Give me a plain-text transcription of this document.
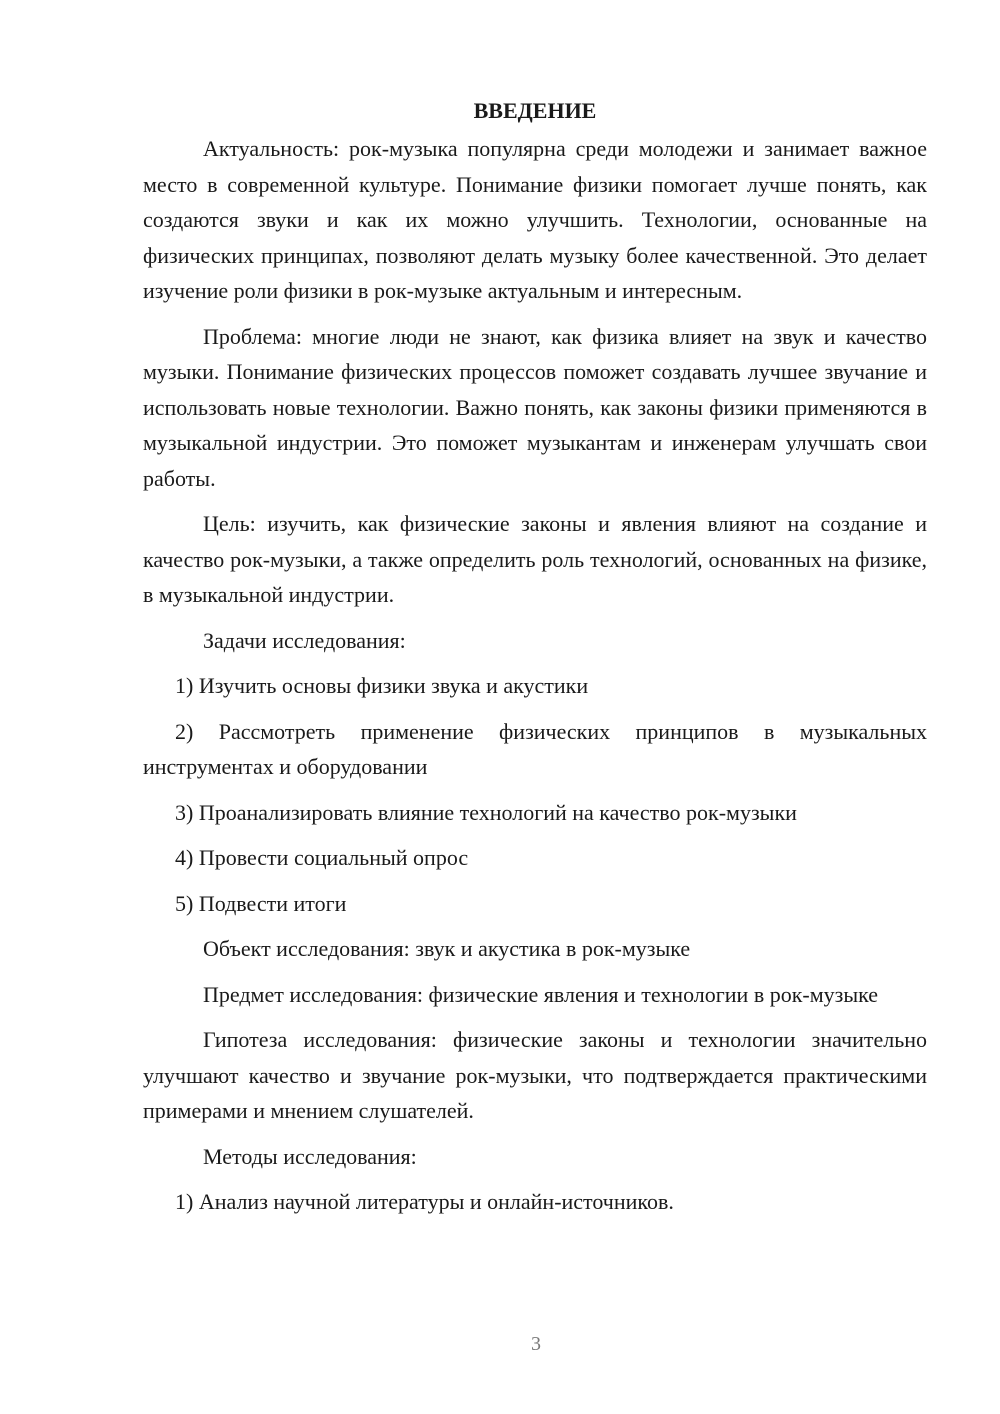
ВВЕДЕНИЕ

Актуальность: рок-музыка популярна среди молодежи и занимает важное место в современной культуре. Понимание физики помогает лучше понять, как создаются звуки и как их можно улучшить. Технологии, основанные на физических принципах, позволяют делать музыку более качественной. Это делает изучение роли физики в рок-музыке актуальным и интересным.

Проблема: многие люди не знают, как физика влияет на звук и качество музыки. Понимание физических процессов поможет создавать лучшее звучание и использовать новые технологии. Важно понять, как законы физики применяются в музыкальной индустрии. Это поможет музыкантам и инженерам улучшать свои работы.

Цель: изучить, как физические законы и явления влияют на создание и качество рок-музыки, а также определить роль технологий, основанных на физике, в музыкальной индустрии.

Задачи исследования:

1) Изучить основы физики звука и акустики

2) Рассмотреть применение физических принципов в музыкальных инструментах и оборудовании

3) Проанализировать влияние технологий на качество рок-музыки

4) Провести социальный опрос

5) Подвести итоги

Объект исследования: звук и акустика в рок-музыке

Предмет исследования: физические явления и технологии в рок-музыке

Гипотеза исследования: физические законы и технологии значительно улучшают качество и звучание рок-музыки, что подтверждается практическими примерами и мнением слушателей.

Методы исследования:

1) Анализ научной литературы и онлайн-источников.

3
